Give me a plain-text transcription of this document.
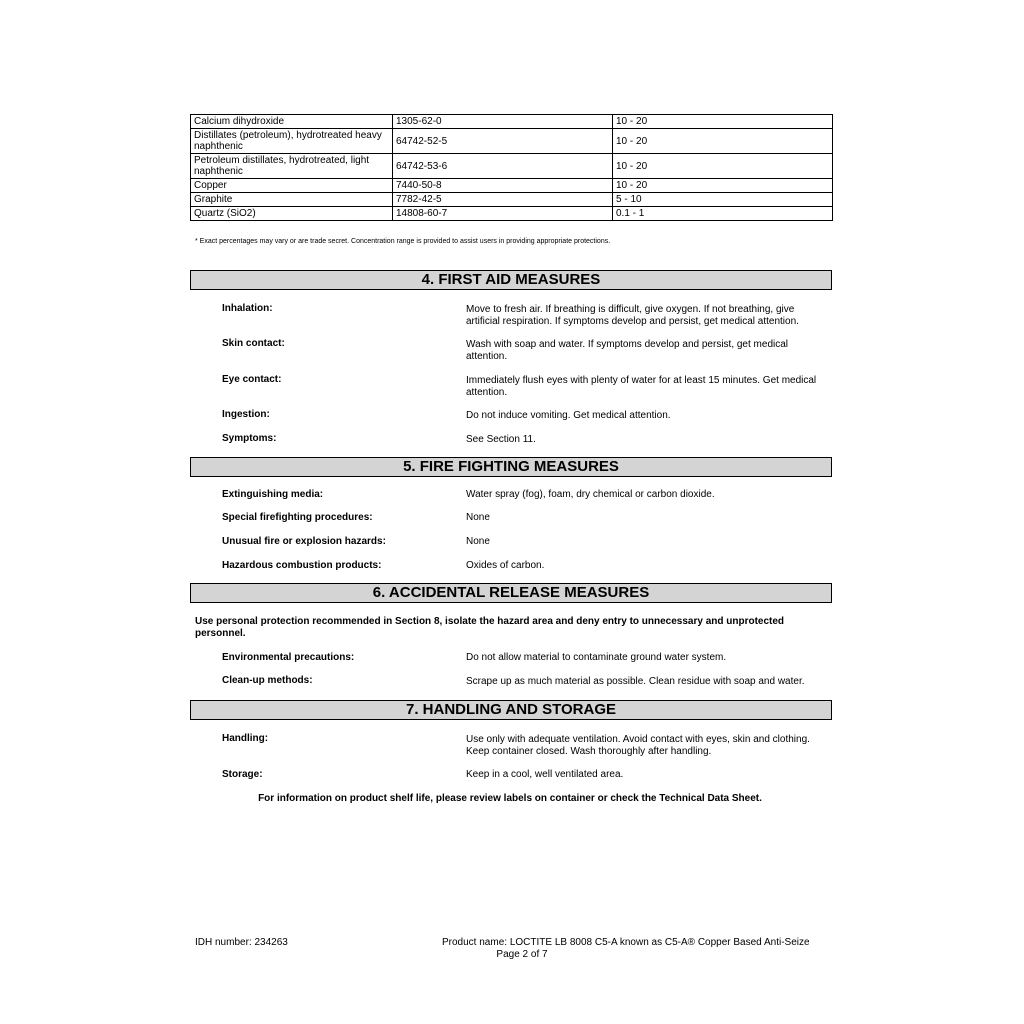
Calcium dihydroxide	1305-62-0	10 - 20
Distillates (petroleum), hydrotreated heavy naphthenic	64742-52-5	10 - 20
Petroleum distillates, hydrotreated, light naphthenic	64742-53-6	10 - 20
Copper	7440-50-8	10 - 20
Graphite	7782-42-5	5 - 10
Quartz (SiO2)	14808-60-7	0.1 - 1
* Exact percentages may vary or are trade secret. Concentration range is provided to assist users in providing appropriate protections.
4. FIRST AID MEASURES
Inhalation:	Move to fresh air. If breathing is difficult, give oxygen. If not breathing, give artificial respiration. If symptoms develop and persist, get medical attention.
Skin contact:	Wash with soap and water. If symptoms develop and persist, get medical attention.
Eye contact:	Immediately flush eyes with plenty of water for at least 15 minutes. Get medical attention.
Ingestion:	Do not induce vomiting. Get medical attention.
Symptoms:	See Section 11.
5. FIRE FIGHTING MEASURES
Extinguishing media:	Water spray (fog), foam, dry chemical or carbon dioxide.
Special firefighting procedures:	None
Unusual fire or explosion hazards:	None
Hazardous combustion products:	Oxides of carbon.
6. ACCIDENTAL RELEASE MEASURES
Use personal protection recommended in Section 8, isolate the hazard area and deny entry to unnecessary and unprotected personnel.
Environmental precautions:	Do not allow material to contaminate ground water system.
Clean-up methods:	Scrape up as much material as possible. Clean residue with soap and water.
7. HANDLING AND STORAGE
Handling:	Use only with adequate ventilation. Avoid contact with eyes, skin and clothing. Keep container closed. Wash thoroughly after handling.
Storage:	Keep in a cool, well ventilated area.
For information on product shelf life, please review labels on container or check the Technical Data Sheet.
IDH number: 234263	Product name: LOCTITE LB 8008 C5-A known as C5-A® Copper Based Anti-Seize
Page 2 of 7
